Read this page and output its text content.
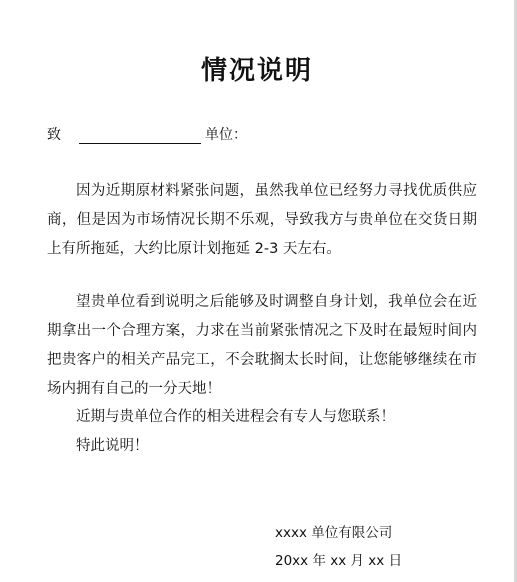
情况说明
致	单位：

因为近期原材料紧张问题，虽然我单位已经努力寻找优质供应商，但是因为市场情况长期不乐观，导致我方与贵单位在交货日期上有所拖延，大约比原计划拖延 2-3 天左右。

望贵单位看到说明之后能够及时调整自身计划，我单位会在近期拿出一个合理方案，力求在当前紧张情况之下及时在最短时间内把贵客户的相关产品完工，不会耽搁太长时间，让您能够继续在市场内拥有自己的一分天地！

近期与贵单位合作的相关进程会有专人与您联系！

特此说明！

xxxx 单位有限公司
20xx 年 xx 月 xx 日
